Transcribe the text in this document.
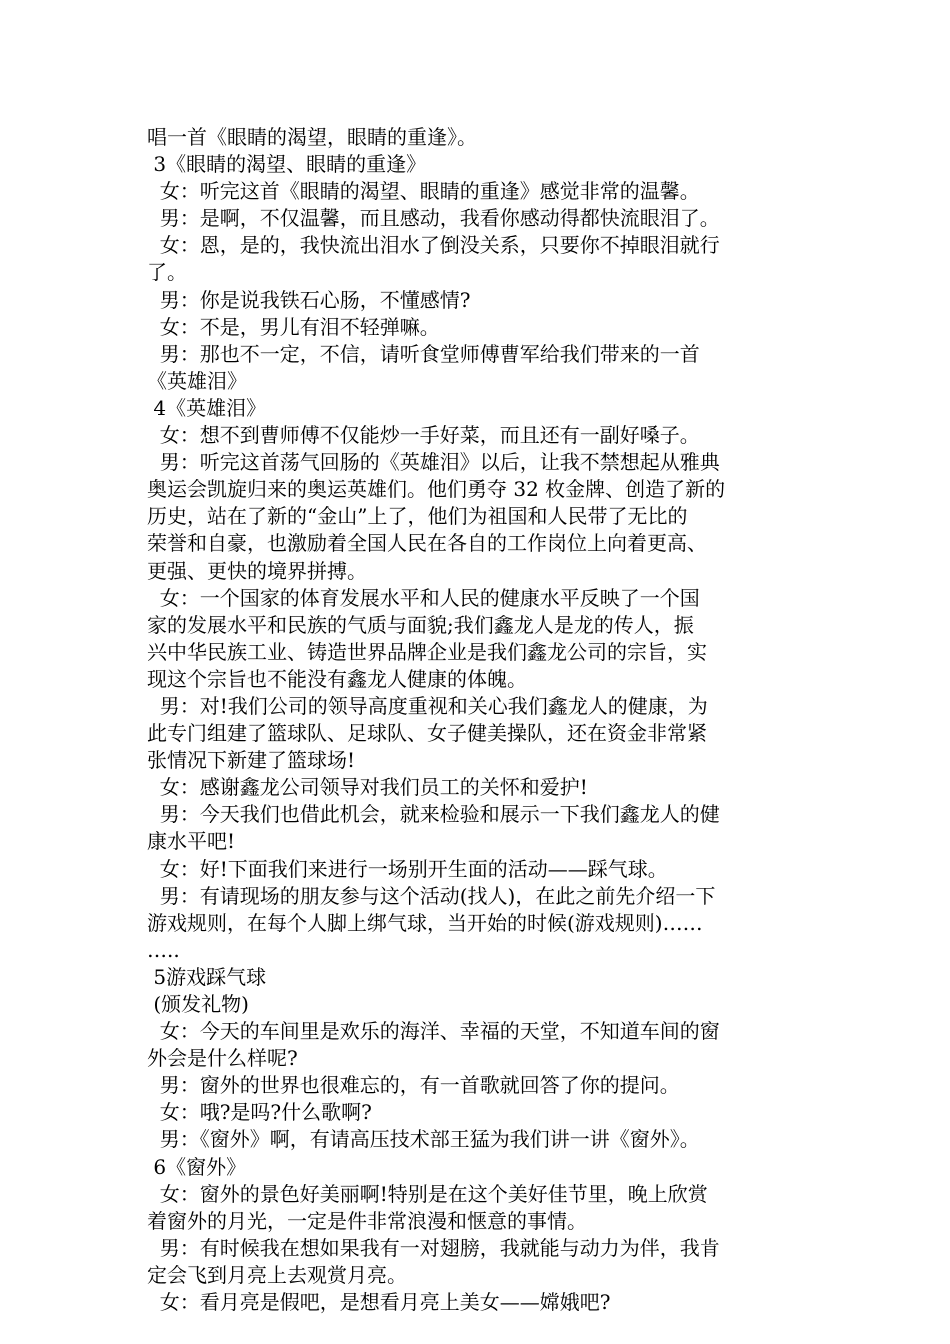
唱一首《眼睛的渴望，眼睛的重逢》。
3《眼睛的渴望、眼睛的重逢》
女：听完这首《眼睛的渴望、眼睛的重逢》感觉非常的温馨。
男：是啊，不仅温馨，而且感动，我看你感动得都快流眼泪了。
女：恩，是的，我快流出泪水了倒没关系，只要你不掉眼泪就行
了。
男：你是说我铁石心肠，不懂感情?
女：不是，男儿有泪不轻弹嘛。
男：那也不一定，不信，请听食堂师傅曹军给我们带来的一首
《英雄泪》
4《英雄泪》
女：想不到曹师傅不仅能炒一手好菜，而且还有一副好嗓子。
男：听完这首荡气回肠的《英雄泪》以后，让我不禁想起从雅典
奥运会凯旋归来的奥运英雄们。他们勇夺 32 枚金牌、创造了新的
历史，站在了新的“金山”上了，他们为祖国和人民带了无比的
荣誉和自豪，也激励着全国人民在各自的工作岗位上向着更高、
更强、更快的境界拼搏。
女：一个国家的体育发展水平和人民的健康水平反映了一个国
家的发展水平和民族的气质与面貌;我们鑫龙人是龙的传人，振
兴中华民族工业、铸造世界品牌企业是我们鑫龙公司的宗旨，实
现这个宗旨也不能没有鑫龙人健康的体魄。
男：对!我们公司的领导高度重视和关心我们鑫龙人的健康，为
此专门组建了篮球队、足球队、女子健美操队，还在资金非常紧
张情况下新建了篮球场!
女：感谢鑫龙公司领导对我们员工的关怀和爱护!
男：今天我们也借此机会，就来检验和展示一下我们鑫龙人的健
康水平吧!
女：好!下面我们来进行一场别开生面的活动——踩气球。
男：有请现场的朋友参与这个活动(找人)，在此之前先介绍一下
游戏规则，在每个人脚上绑气球，当开始的时候(游戏规则)……
…..
5游戏踩气球
(颁发礼物)
女：今天的车间里是欢乐的海洋、幸福的天堂，不知道车间的窗
外会是什么样呢?
男：窗外的世界也很难忘的，有一首歌就回答了你的提问。
女：哦?是吗?什么歌啊?
男：《窗外》啊，有请高压技术部王猛为我们讲一讲《窗外》。
6《窗外》
女：窗外的景色好美丽啊!特别是在这个美好佳节里，晚上欣赏
着窗外的月光，一定是件非常浪漫和惬意的事情。
男：有时候我在想如果我有一对翅膀，我就能与动力为伴，我肯
定会飞到月亮上去观赏月亮。
女：看月亮是假吧，是想看月亮上美女——嫦娥吧?
